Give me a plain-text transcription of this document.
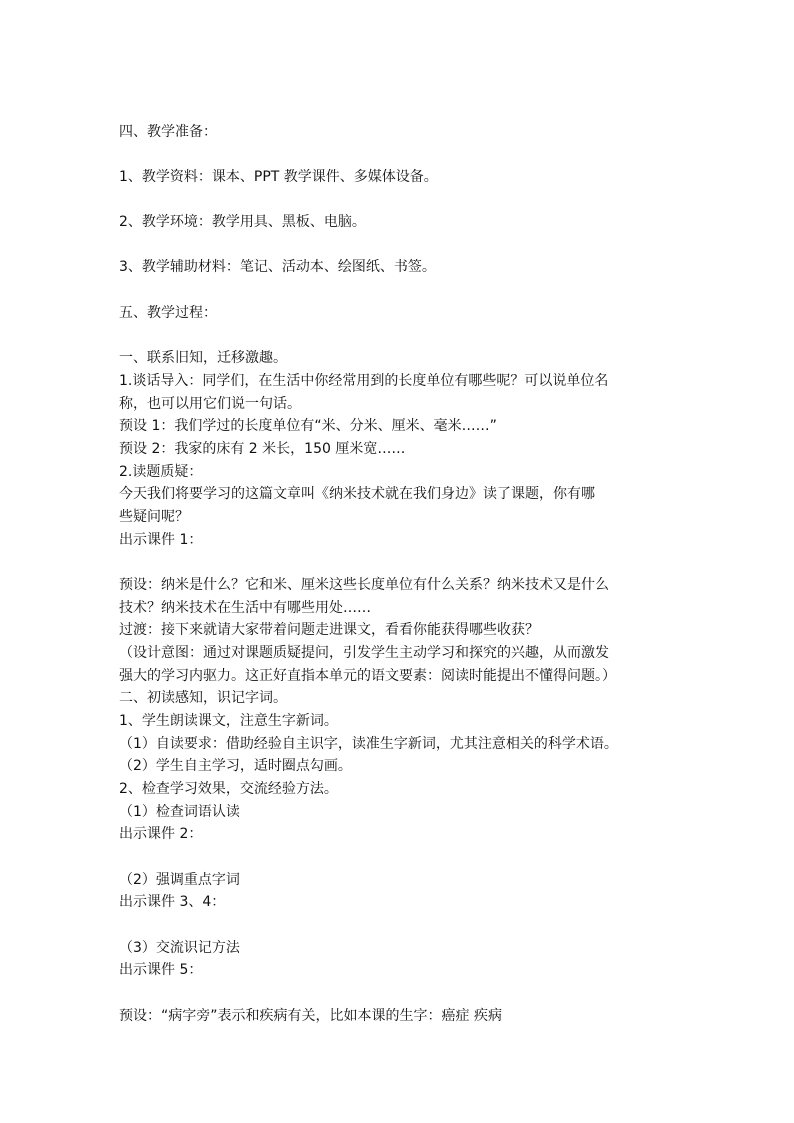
四、教学准备：
1、教学资料：课本、PPT 教学课件、多媒体设备。
2、教学环境：教学用具、黑板、电脑。
3、教学辅助材料：笔记、活动本、绘图纸、书签。
五、教学过程：
一、联系旧知，迁移激趣。
1.谈话导入：同学们，在生活中你经常用到的长度单位有哪些呢？可以说单位名
称，也可以用它们说一句话。
预设 1：我们学过的长度单位有“米、分米、厘米、毫米……”
预设 2：我家的床有 2 米长，150 厘米宽……
2.读题质疑：
今天我们将要学习的这篇文章叫《纳米技术就在我们身边》读了课题，你有哪
些疑问呢？
出示课件 1：
预设：纳米是什么？它和米、厘米这些长度单位有什么关系？纳米技术又是什么
技术？纳米技术在生活中有哪些用处……
过渡：接下来就请大家带着问题走进课文，看看你能获得哪些收获？
（设计意图：通过对课题质疑提问，引发学生主动学习和探究的兴趣，从而激发
强大的学习内驱力。这正好直指本单元的语文要素：阅读时能提出不懂得问题。）
二、初读感知，识记字词。
1、学生朗读课文，注意生字新词。
（1）自读要求：借助经验自主识字，读准生字新词，尤其注意相关的科学术语。
（2）学生自主学习，适时圈点勾画。
2、检查学习效果，交流经验方法。
（1）检查词语认读
出示课件 2：
（2）强调重点字词
出示课件 3、4：
（3）交流识记方法
出示课件 5：
预设：“病字旁”表示和疾病有关，比如本课的生字：癌症 疾病
